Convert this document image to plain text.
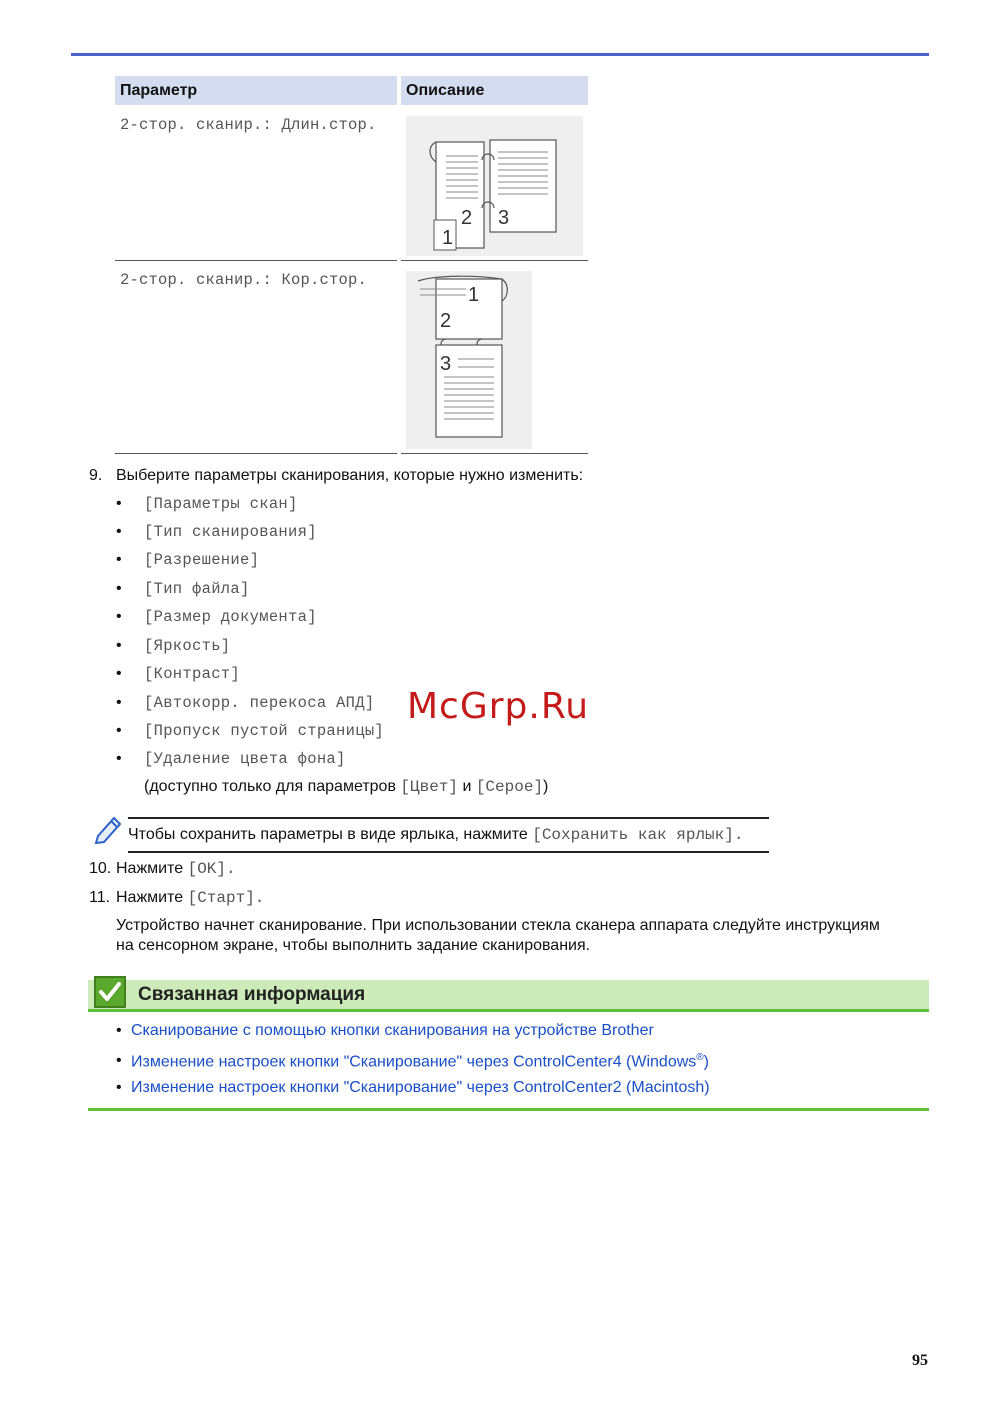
Параметр	Описание
2-стор. сканир.: Длин.стор.
1
2 3
2-стор. сканир.: Кор.стор.
1
2
3
9. Выберите параметры сканирования, которые нужно изменить:
• [Параметры скан]
• [Тип сканирования]
• [Разрешение]
• [Тип файла]
• [Размер документа]
• [Яркость]
• [Контраст]
• [Автокорр. перекоса АПД]
• [Пропуск пустой страницы]
• [Удаление цвета фона]
(доступно только для параметров [Цвет] и [Серое])
Чтобы сохранить параметры в виде ярлыка, нажмите [Сохранить как ярлык].
10. Нажмите [OK].
11. Нажмите [Старт].
Устройство начнет сканирование. При использовании стекла сканера аппарата следуйте инструкциям
на сенсорном экране, чтобы выполнить задание сканирования.
Связанная информация
• Сканирование с помощью кнопки сканирования на устройстве Brother
• Изменение настроек кнопки "Сканирование" через ControlCenter4 (Windows®)
• Изменение настроек кнопки "Сканирование" через ControlCenter2 (Macintosh)
McGrp.Ru
95
